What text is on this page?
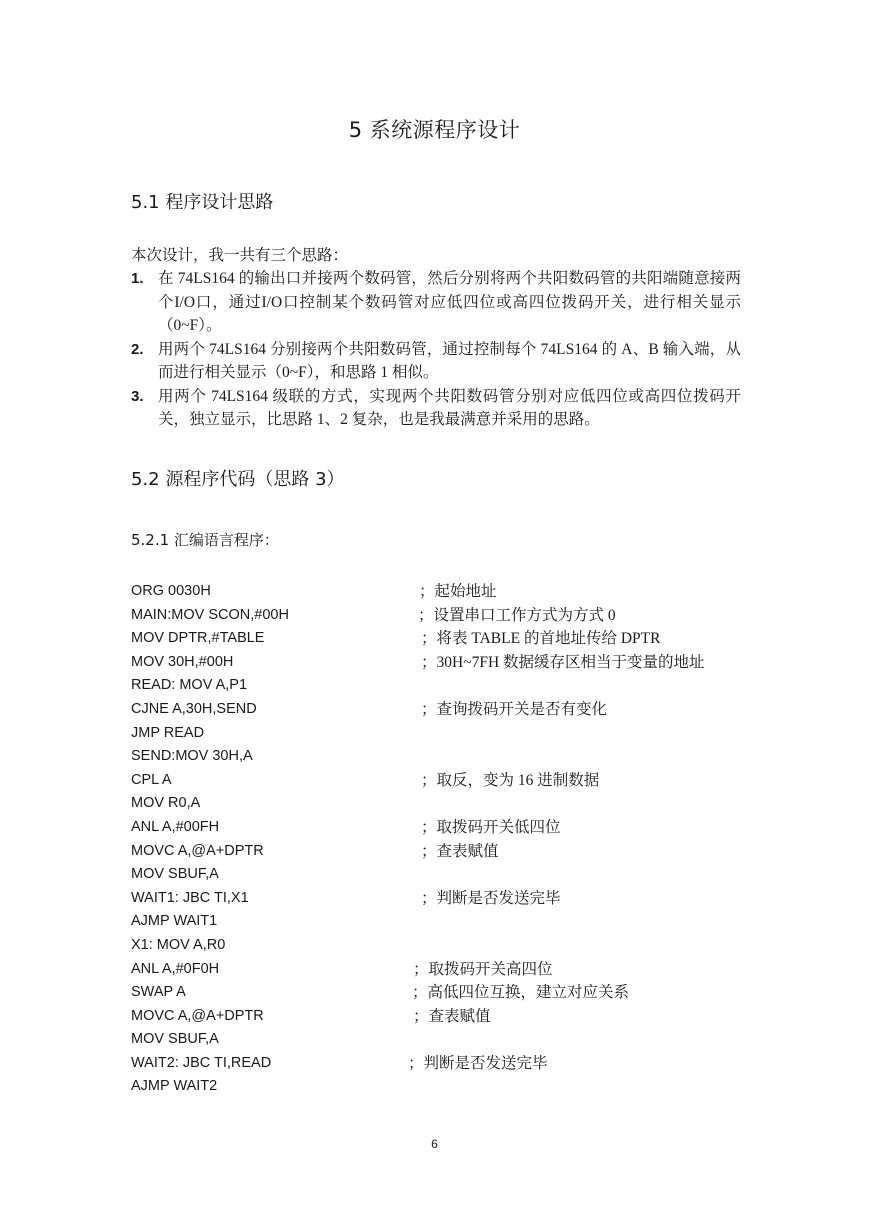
5 系统源程序设计
5.1 程序设计思路
本次设计，我一共有三个思路：
1. 在 74LS164 的输出口并接两个数码管，然后分别将两个共阳数码管的共阳端随意接两个I/O口，通过I/O口控制某个数码管对应低四位或高四位拨码开关，进行相关显示（0~F）。
2. 用两个 74LS164 分别接两个共阳数码管，通过控制每个 74LS164 的 A、B 输入端，从而进行相关显示（0~F），和思路 1 相似。
3. 用两个 74LS164 级联的方式，实现两个共阳数码管分别对应低四位或高四位拨码开关，独立显示，比思路 1、2 复杂，也是我最满意并采用的思路。
5.2 源程序代码（思路 3）
5.2.1 汇编语言程序：
ORG 0030H	；起始地址
MAIN:MOV SCON,#00H	；设置串口工作方式为方式 0
MOV DPTR,#TABLE	；将表 TABLE 的首地址传给 DPTR
MOV 30H,#00H	；30H~7FH 数据缓存区相当于变量的地址
READ: MOV A,P1
CJNE A,30H,SEND	；查询拨码开关是否有变化
JMP READ
SEND:MOV 30H,A
CPL A	；取反，变为 16 进制数据
MOV R0,A
ANL A,#00FH	；取拨码开关低四位
MOVC A,@A+DPTR	；查表赋值
MOV SBUF,A
WAIT1: JBC TI,X1	；判断是否发送完毕
AJMP WAIT1
X1: MOV A,R0
ANL A,#0F0H	；取拨码开关高四位
SWAP A	；高低四位互换，建立对应关系
MOVC A,@A+DPTR	；查表赋值
MOV SBUF,A
WAIT2: JBC TI,READ	；判断是否发送完毕
AJMP WAIT2
6
